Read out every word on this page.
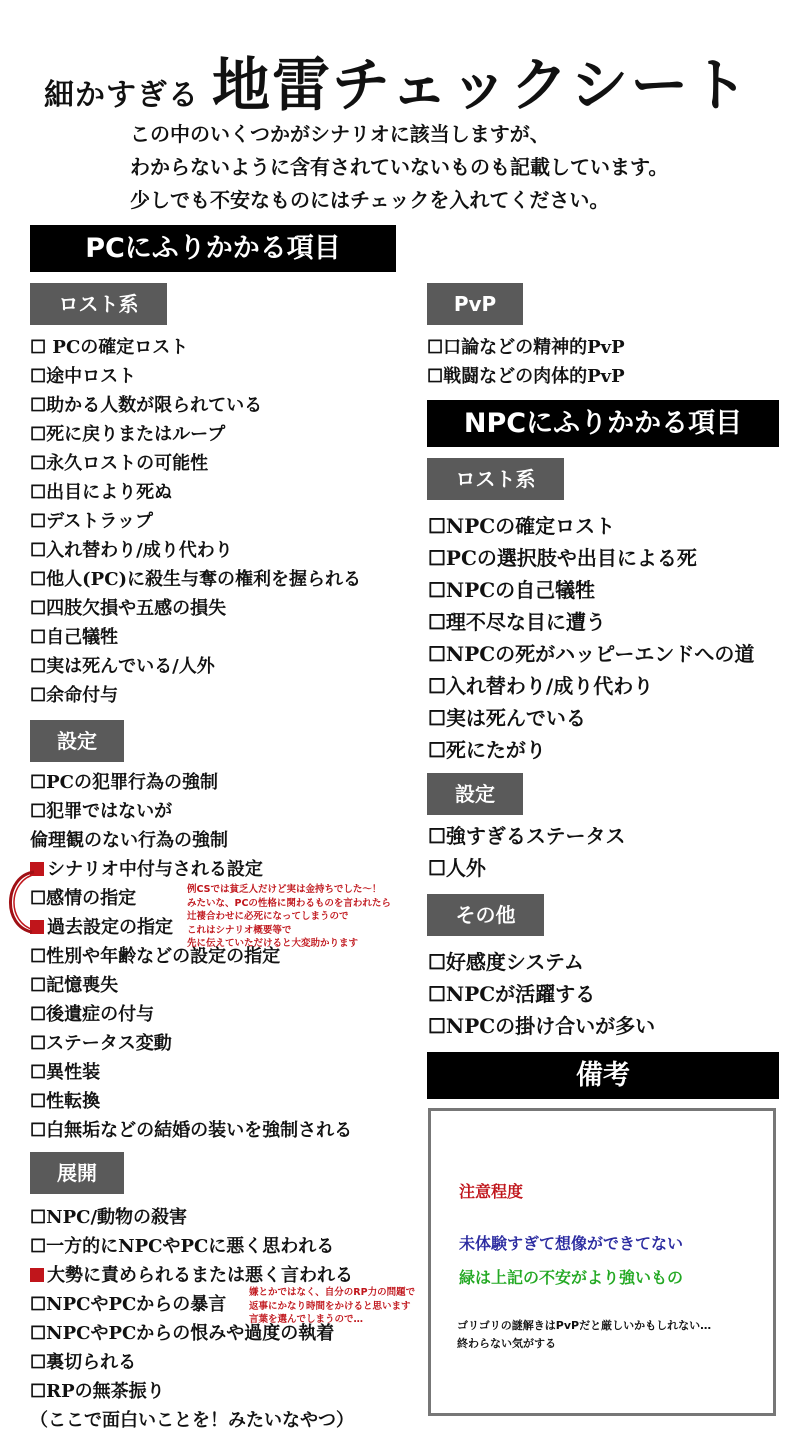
細かすぎる 地雷チェックシート
この中のいくつかがシナリオに該当しますが、
わからないように含有されていないものも記載しています。
少しでも不安なものにはチェックを入れてください。
PCにふりかかる項目
ロスト系
☐ PCの確定ロスト
☐途中ロスト
☐助かる人数が限られている
☐死に戻りまたはループ
☐永久ロストの可能性
☐出目により死ぬ
☐デストラップ
☐入れ替わり/成り代わり
☐他人(PC)に殺生与奪の権利を握られる
☐四肢欠損や五感の損失
☐自己犠牲
☐実は死んでいる/人外
☐余命付与
設定
☐PCの犯罪行為の強制
☐犯罪ではないが
倫理観のない行為の強制
シナリオ中付与される設定
☐感情の指定
過去設定の指定
☐性別や年齢などの設定の指定
☐記憶喪失
☐後遺症の付与
☐ステータス変動
☐異性装
☐性転換
☐白無垢などの結婚の装いを強制される
例CSでは貧乏人だけど実は金持ちでした〜！
みたいな、PCの性格に関わるものを言われたら
辻褄合わせに必死になってしまうので
これはシナリオ概要等で
先に伝えていただけると大変助かります
展開
☐NPC/動物の殺害
☐一方的にNPCやPCに悪く思われる
大勢に責められるまたは悪く言われる
☐NPCやPCからの暴言
☐NPCやPCからの恨みや過度の執着
☐裏切られる
☐RPの無茶振り
（ここで面白いことを！みたいなやつ）
嫌とかではなく、自分のRP力の問題で
返事にかなり時間をかけると思います
言葉を選んでしまうので…
PvP
☐口論などの精神的PvP
☐戦闘などの肉体的PvP
NPCにふりかかる項目
ロスト系
☐NPCの確定ロスト
☐PCの選択肢や出目による死
☐NPCの自己犠牲
☐理不尽な目に遭う
☐NPCの死がハッピーエンドへの道
☐入れ替わり/成り代わり
☐実は死んでいる
☐死にたがり
設定
☐強すぎるステータス
☐人外
その他
☐好感度システム
☐NPCが活躍する
☐NPCの掛け合いが多い
備考
注意程度
未体験すぎて想像ができてない
緑は上記の不安がより強いもの
ゴリゴリの謎解きはPvPだと厳しいかもしれない…
終わらない気がする
